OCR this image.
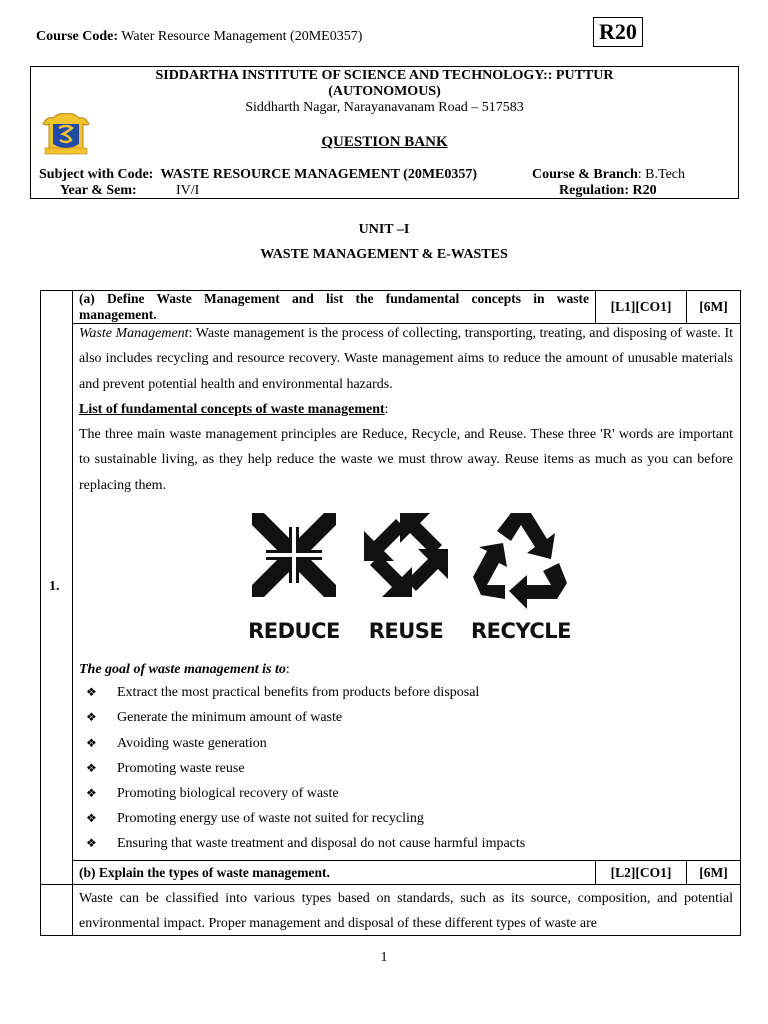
Course Code: Water Resource Management (20ME0357)	R20
SIDDARTHA INSTITUTE OF SCIENCE AND TECHNOLOGY:: PUTTUR
(AUTONOMOUS)
Siddharth Nagar, Narayanavanam Road – 517583
QUESTION BANK
Subject with Code: WASTE RESOURCE MANAGEMENT (20ME0357)	Course & Branch: B.Tech
Year & Sem:	IV/I	Regulation: R20
UNIT –I
WASTE MANAGEMENT & E-WASTES
1.
(a) Define Waste Management and list the fundamental concepts in waste
management.
[L1][CO1]	[6M]
Waste Management: Waste management is the process of collecting, transporting, treating, and disposing of waste. It also includes recycling and resource recovery. Waste management aims to reduce the amount of unusable materials and prevent potential health and environmental hazards.
List of fundamental concepts of waste management:
The three main waste management principles are Reduce, Recycle, and Reuse. These three 'R' words are important to sustainable living, as they help reduce the waste we must throw away. Reuse items as much as you can before replacing them.
REDUCE REUSE RECYCLE
The goal of waste management is to:
❖ Extract the most practical benefits from products before disposal
❖ Generate the minimum amount of waste
❖ Avoiding waste generation
❖ Promoting waste reuse
❖ Promoting biological recovery of waste
❖ Promoting energy use of waste not suited for recycling
❖ Ensuring that waste treatment and disposal do not cause harmful impacts
(b) Explain the types of waste management.	[L2][CO1]	[6M]
Waste can be classified into various types based on standards, such as its source, composition, and potential environmental impact. Proper management and disposal of these different types of waste are
1
